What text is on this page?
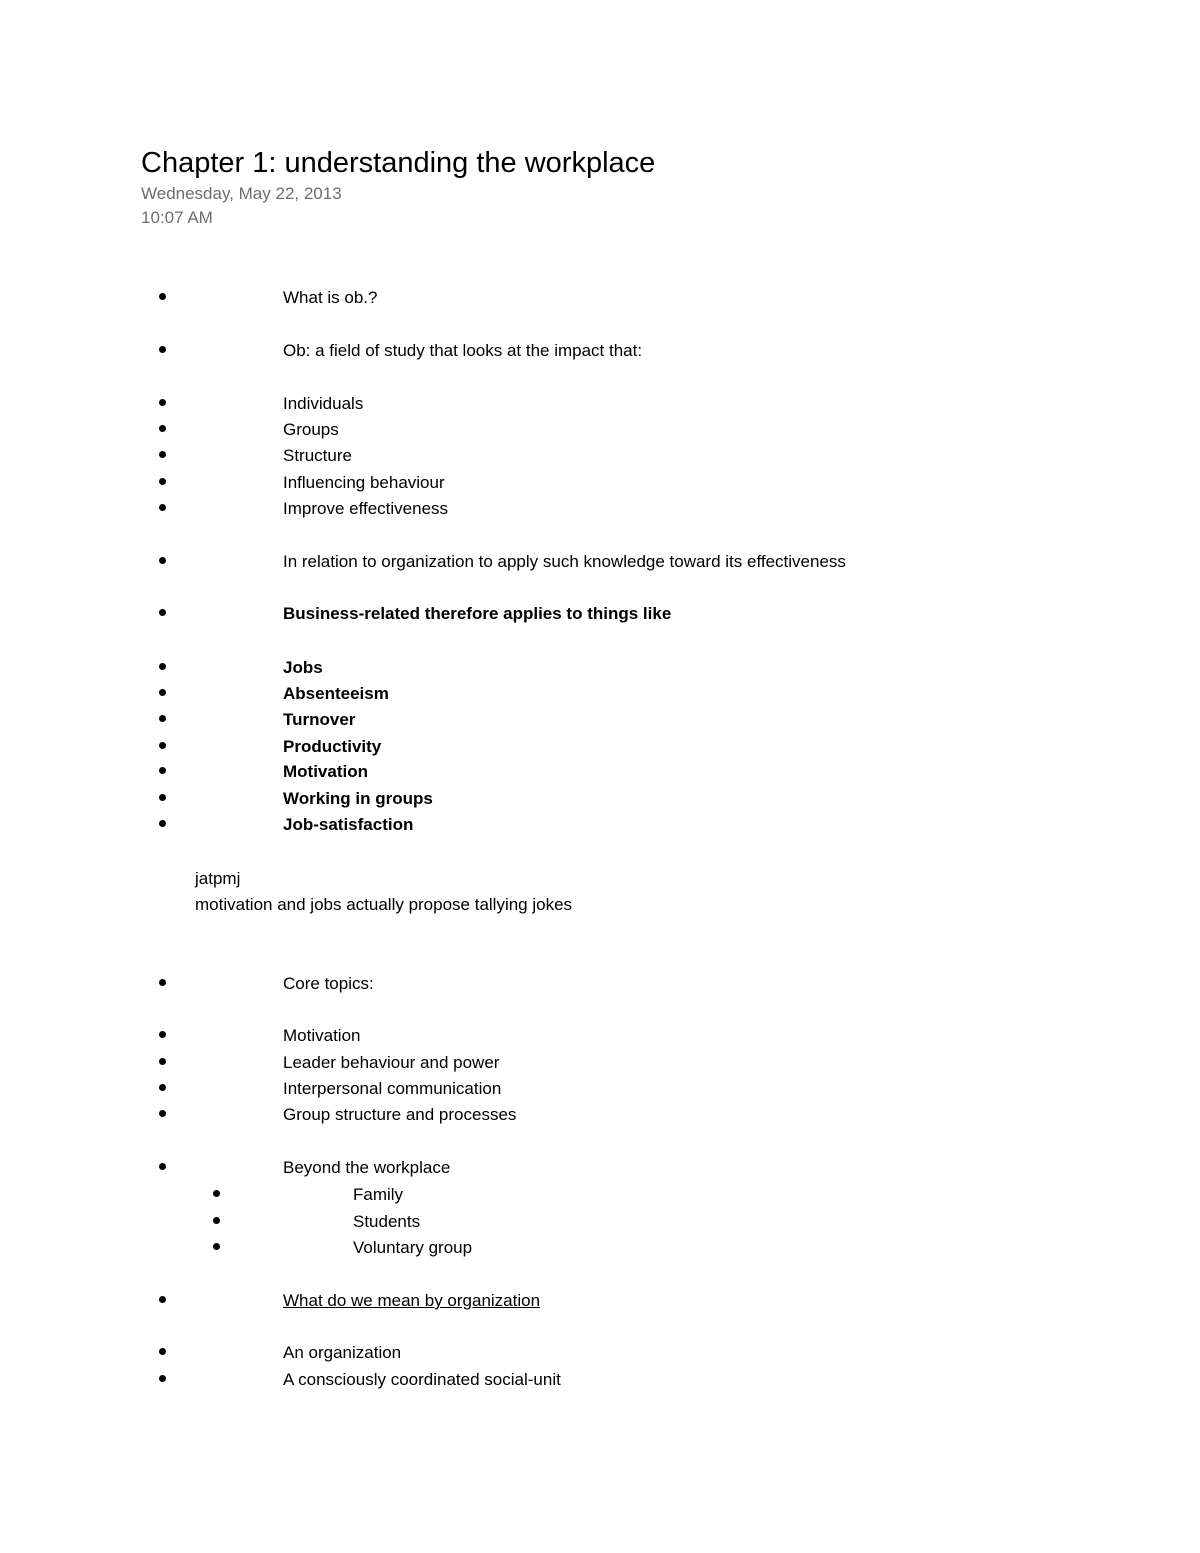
Chapter 1: understanding the workplace
Wednesday, May 22, 2013
10:07 AM
What is ob.?
Ob: a field of study that looks at the impact that:
Individuals
Groups
Structure
Influencing behaviour
Improve effectiveness
In relation to organization to apply such knowledge toward its effectiveness
Business-related therefore applies to things like
Jobs
Absenteeism
Turnover
Productivity
Motivation
Working in groups
Job-satisfaction
jatpmj
motivation and jobs actually propose tallying jokes
Core topics:
Motivation
Leader behaviour and power
Interpersonal communication
Group structure and processes
Beyond the workplace
Family
Students
Voluntary group
What do we mean by organization
An organization
A consciously coordinated social-unit
